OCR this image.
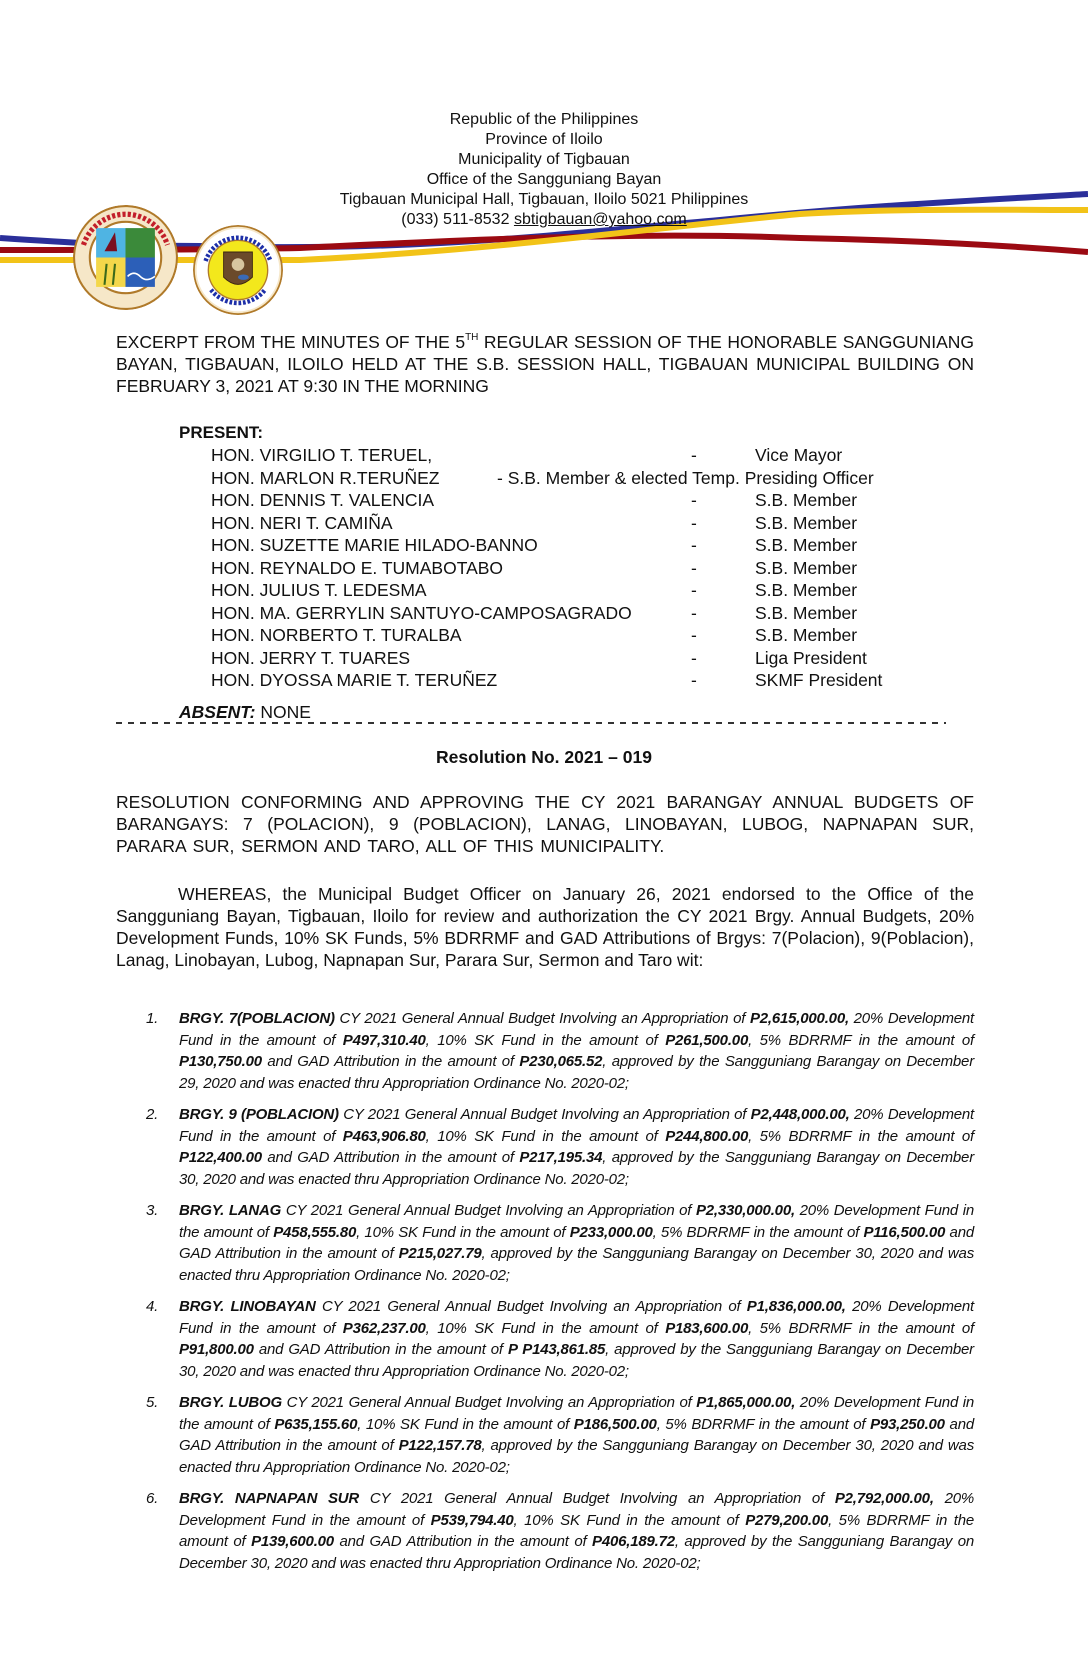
Republic of the Philippines
Province of Iloilo
Municipality of Tigbauan
Office of the Sangguniang Bayan
Tigbauan Municipal Hall, Tigbauan, Iloilo 5021 Philippines
(033) 511-8532 sbtigbauan@yahoo.com
EXCERPT FROM THE MINUTES OF THE 5TH REGULAR SESSION OF THE HONORABLE SANGGUNIANG BAYAN, TIGBAUAN, ILOILO HELD AT THE S.B. SESSION HALL, TIGBAUAN MUNICIPAL BUILDING ON FEBRUARY 3, 2021 AT 9:30 IN THE MORNING
PRESENT:
HON. VIRGILIO T. TERUEL,	-	Vice Mayor
HON. MARLON R.TERUÑEZ	- S.B. Member & elected Temp. Presiding Officer
HON. DENNIS T. VALENCIA	-	S.B. Member
HON. NERI T. CAMIÑA	-	S.B. Member
HON. SUZETTE MARIE HILADO-BANNO	-	S.B. Member
HON. REYNALDO E. TUMABOTABO	-	S.B. Member
HON. JULIUS T. LEDESMA	-	S.B. Member
HON. MA. GERRYLIN SANTUYO-CAMPOSAGRADO	-	S.B. Member
HON. NORBERTO T. TURALBA	-	S.B. Member
HON. JERRY T. TUARES	-	Liga President
HON. DYOSSA MARIE T. TERUÑEZ	-	SKMF President
ABSENT: NONE
Resolution No. 2021 – 019
RESOLUTION CONFORMING AND APPROVING THE CY 2021 BARANGAY ANNUAL BUDGETS OF BARANGAYS: 7 (POLACION), 9 (POBLACION), LANAG, LINOBAYAN, LUBOG, NAPNAPAN SUR, PARARA SUR, SERMON AND TARO, ALL OF THIS MUNICIPALITY.
WHEREAS, the Municipal Budget Officer on January 26, 2021 endorsed to the Office of the Sangguniang Bayan, Tigbauan, Iloilo for review and authorization the CY 2021 Brgy. Annual Budgets, 20% Development Funds, 10% SK Funds, 5% BDRRMF and GAD Attributions of Brgys: 7(Polacion), 9(Poblacion), Lanag, Linobayan, Lubog, Napnapan Sur, Parara Sur, Sermon and Taro wit:
1. BRGY. 7(POBLACION) CY 2021 General Annual Budget Involving an Appropriation of P2,615,000.00, 20% Development Fund in the amount of P497,310.40, 10% SK Fund in the amount of P261,500.00, 5% BDRRMF in the amount of P130,750.00 and GAD Attribution in the amount of P230,065.52, approved by the Sangguniang Barangay on December 29, 2020 and was enacted thru Appropriation Ordinance No. 2020-02;
2. BRGY. 9 (POBLACION) CY 2021 General Annual Budget Involving an Appropriation of P2,448,000.00, 20% Development Fund in the amount of P463,906.80, 10% SK Fund in the amount of P244,800.00, 5% BDRRMF in the amount of P122,400.00 and GAD Attribution in the amount of P217,195.34, approved by the Sangguniang Barangay on December 30, 2020 and was enacted thru Appropriation Ordinance No. 2020-02;
3. BRGY. LANAG CY 2021 General Annual Budget Involving an Appropriation of P2,330,000.00, 20% Development Fund in the amount of P458,555.80, 10% SK Fund in the amount of P233,000.00, 5% BDRRMF in the amount of P116,500.00 and GAD Attribution in the amount of P215,027.79, approved by the Sangguniang Barangay on December 30, 2020 and was enacted thru Appropriation Ordinance No. 2020-02;
4. BRGY. LINOBAYAN CY 2021 General Annual Budget Involving an Appropriation of P1,836,000.00, 20% Development Fund in the amount of P362,237.00, 10% SK Fund in the amount of P183,600.00, 5% BDRRMF in the amount of P91,800.00 and GAD Attribution in the amount of P P143,861.85, approved by the Sangguniang Barangay on December 30, 2020 and was enacted thru Appropriation Ordinance No. 2020-02;
5. BRGY. LUBOG CY 2021 General Annual Budget Involving an Appropriation of P1,865,000.00, 20% Development Fund in the amount of P635,155.60, 10% SK Fund in the amount of P186,500.00, 5% BDRRMF in the amount of P93,250.00 and GAD Attribution in the amount of P122,157.78, approved by the Sangguniang Barangay on December 30, 2020 and was enacted thru Appropriation Ordinance No. 2020-02;
6. BRGY. NAPNAPAN SUR CY 2021 General Annual Budget Involving an Appropriation of P2,792,000.00, 20% Development Fund in the amount of P539,794.40, 10% SK Fund in the amount of P279,200.00, 5% BDRRMF in the amount of P139,600.00 and GAD Attribution in the amount of P406,189.72, approved by the Sangguniang Barangay on December 30, 2020 and was enacted thru Appropriation Ordinance No. 2020-02;
